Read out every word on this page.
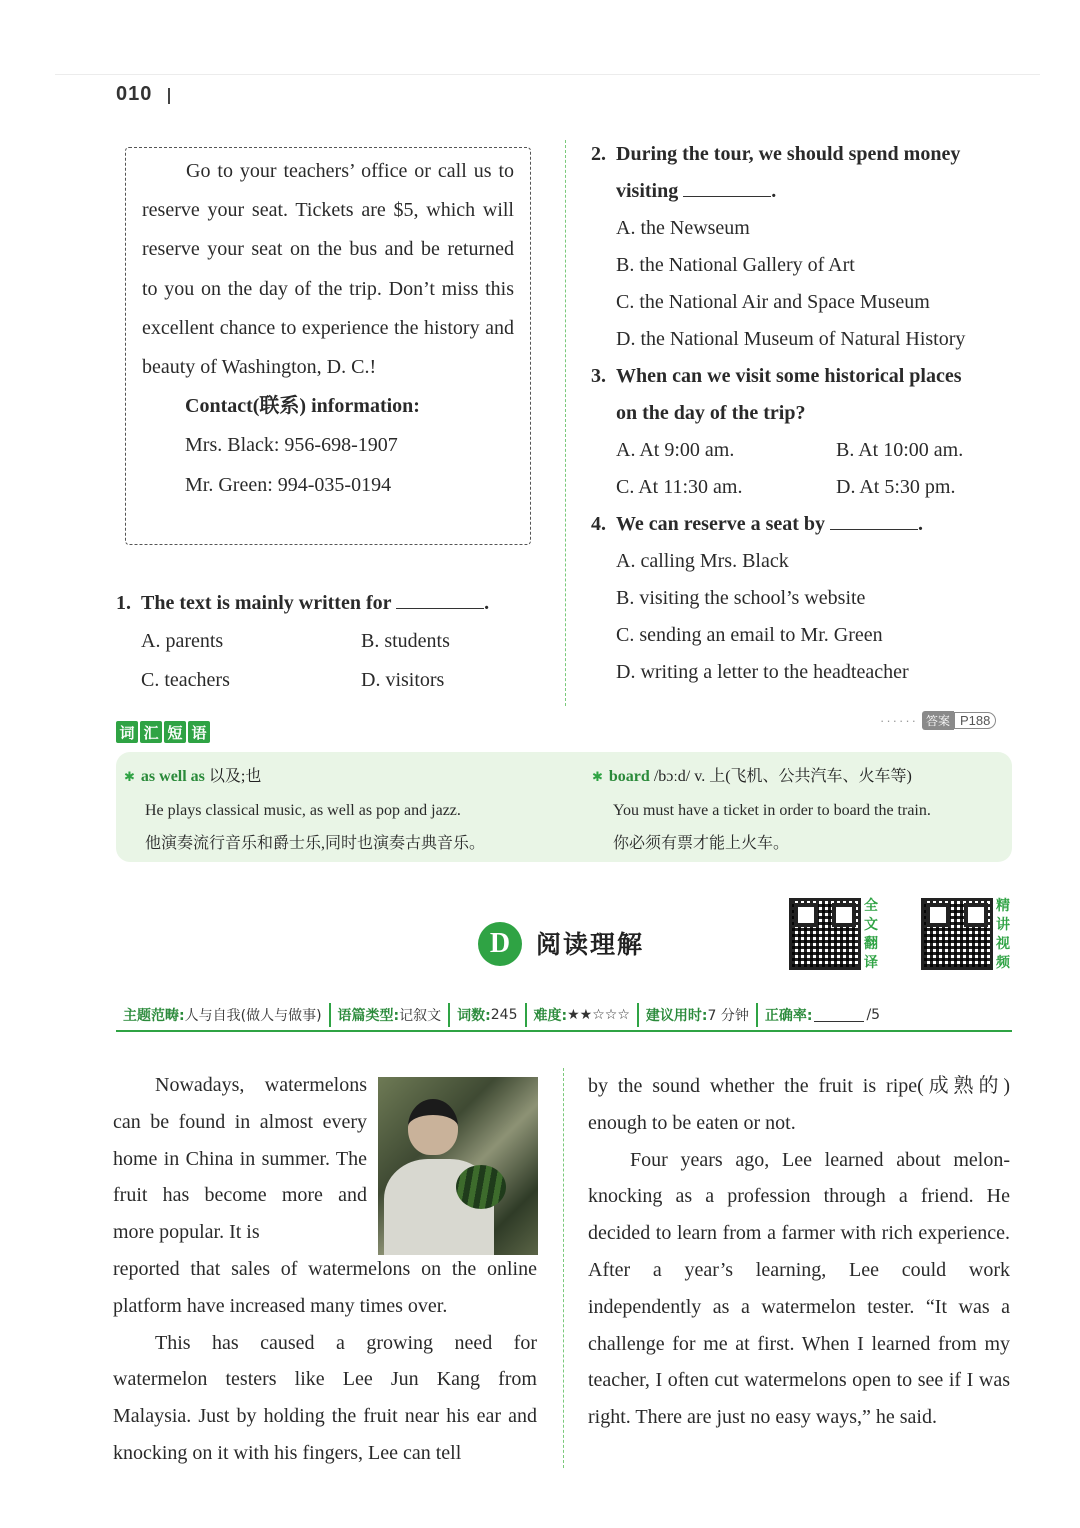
010

Go to your teachers’ office or call us to reserve your seat. Tickets are $5, which will reserve your seat on the bus and be returned to you on the day of the trip. Don’t miss this excellent chance to experience the history and beauty of Washington, D. C.!

Contact(联系) information:
Mrs. Black: 956-698-1907
Mr. Green: 994-035-0194
1. The text is mainly written for	.
A. parents	B. students
C. teachers	D. visitors
2. During the tour, we should spend money
visiting	.
A. the Newseum
B. the National Gallery of Art
C. the National Air and Space Museum
D. the National Museum of Natural History
3. When can we visit some historical places
on the day of the trip?
A. At 9:00 am.	B. At 10:00 am.
C. At 11:30 am.	D. At 5:30 pm.
4. We can reserve a seat by	.
A. calling Mrs. Black
B. visiting the school’s website
C. sending an email to Mr. Green
D. writing a letter to the headteacher
词 汇 短 语
······ 答案 P188
✱ as well as 以及;也
He plays classical music, as well as pop and jazz.
他演奏流行音乐和爵士乐,同时也演奏古典音乐。
✱ board /bɔːd/ v. 上(飞机、公共汽车、火车等)
You must have a ticket in order to board the train.
你必须有票才能上火车。
D	阅读理解
全
文
翻
译
精
讲
视
频
主题范畴: 人与自我(做人与做事) 语篇类型: 记叙文 词数: 245 难度: ★★☆☆☆ 建议用时: 7 分钟 正确率:	/5

Nowadays, watermelons can be found in almost every home in China in summer. The fruit has become more and more popular. It is

reported that sales of watermelons on the online platform have increased many times over.

This has caused a growing need for watermelon testers like Lee Jun Kang from Malaysia. Just by holding the fruit near his ear and knocking on it with his fingers, Lee can tell

by the sound whether the fruit is ripe(成熟的) enough to be eaten or not.

Four years ago, Lee learned about melon-knocking as a profession through a friend. He decided to learn from a farmer with rich experience. After a year’s learning, Lee could work independently as a watermelon tester. “It was a challenge for me at first. When I learned from my teacher, I often cut watermelons open to see if I was right. There are just no easy ways,” he said.
